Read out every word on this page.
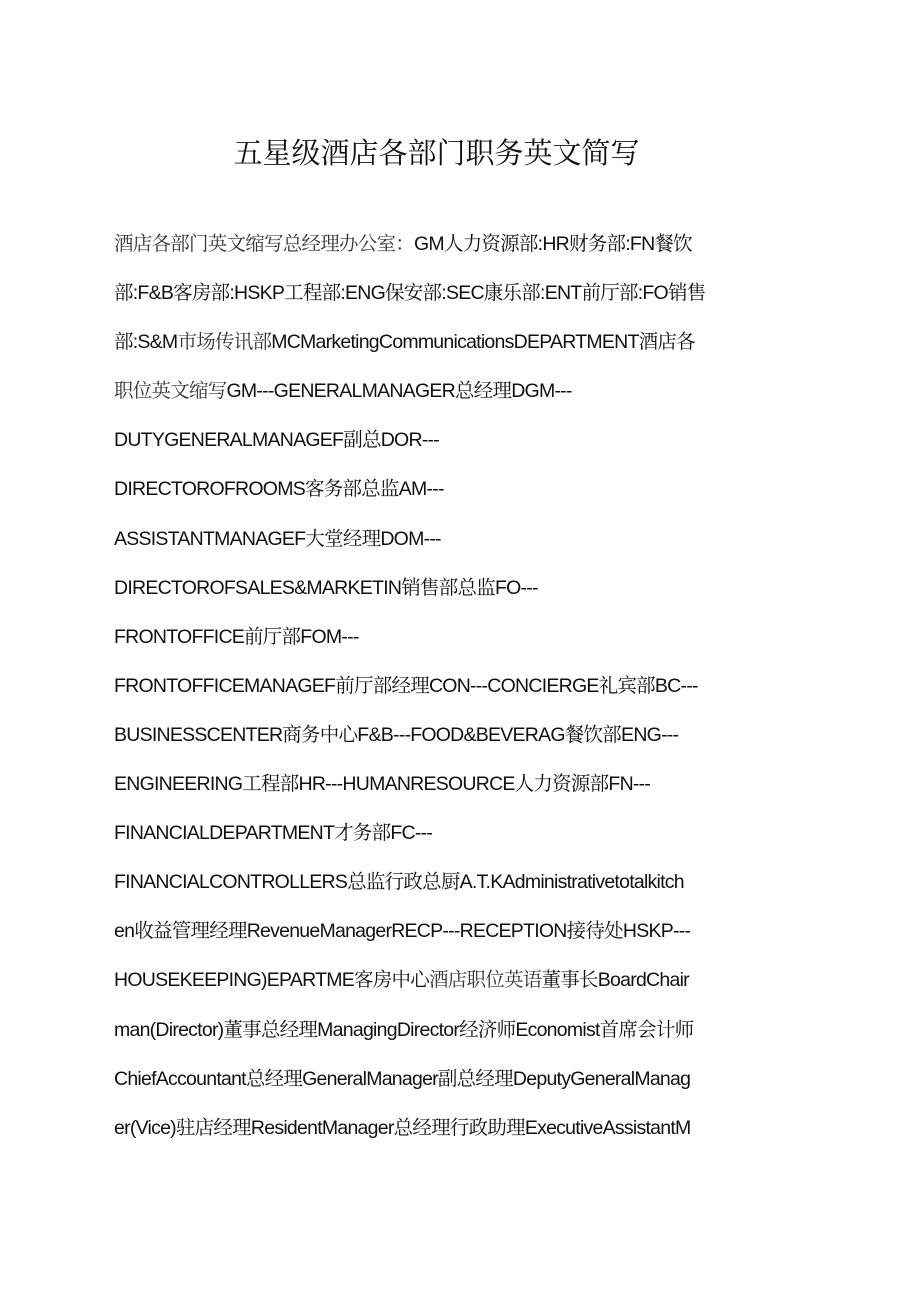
五星级酒店各部门职务英文简写
酒店各部门英文缩写总经理办公室：GM人力资源部:HR财务部:FN餐饮
部:F&B客房部:HSKP工程部:ENG保安部:SEC康乐部:ENT前厅部:FO销售
部:S&M市场传讯部MCMarketingCommunicationsDEPARTMENT酒店各
职位英文缩写GM---GENERALMANAGER总经理DGM---
DUTYGENERALMANAGEF副总DOR---
DIRECTOROFROOMS客务部总监AM---
ASSISTANTMANAGEF大堂经理DOM---
DIRECTOROFSALES&MARKETIN销售部总监FO---
FRONTOFFICE前厅部FOM---
FRONTOFFICEMANAGEF前厅部经理CON---CONCIERGE礼宾部BC---
BUSINESSCENTER商务中心F&B---FOOD&BEVERAG餐饮部ENG---
ENGINEERING工程部HR---HUMANRESOURCE人力资源部FN---
FINANCIALDEPARTMENT才务部FC---
FINANCIALCONTROLLERS总监行政总厨A.T.KAdministrativetotalkitch
en收益管理经理RevenueManagerRECP---RECEPTION接待处HSKP---
HOUSEKEEPING)EPARTME客房中心酒店职位英语董事长BoardChair
man(Director)董事总经理ManagingDirector经济师Economist首席会计师
ChiefAccountant总经理GeneralManager副总经理DeputyGeneralManag
er(Vice)驻店经理ResidentManager总经理行政助理ExecutiveAssistantM
